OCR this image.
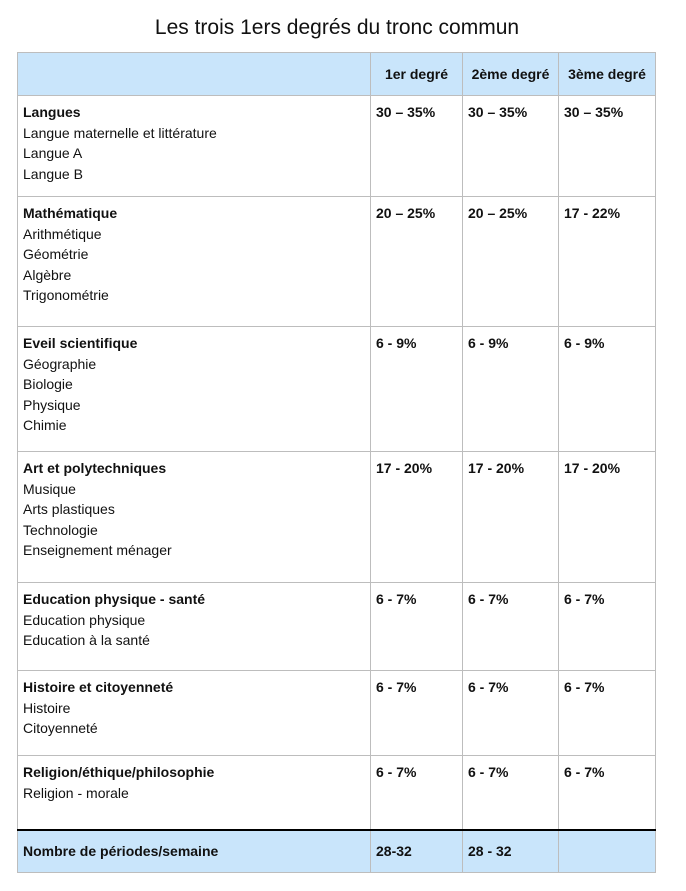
Les trois 1ers degrés du tronc commun
	1er degré	2ème degré	3ème degré

Langues
Langue maternelle et littérature
Langue A
Langue B	30 – 35%	30 – 35%	30 – 35%

Mathématique
Arithmétique
Géométrie
Algèbre
Trigonométrie	20 – 25%	20 – 25%	17 - 22%

Eveil scientifique
Géographie
Biologie
Physique
Chimie	6 - 9%	6 - 9%	6 - 9%

Art et polytechniques
Musique
Arts plastiques
Technologie
Enseignement ménager	17 - 20%	17 - 20%	17 - 20%

Education physique - santé
Education physique
Education à la santé	6 - 7%	6 - 7%	6 - 7%

Histoire et citoyenneté
Histoire
Citoyenneté	6 - 7%	6 - 7%	6 - 7%

Religion/éthique/philosophie
Religion - morale	6 - 7%	6 - 7%	6 - 7%
Nombre de périodes/semaine	28-32	28 - 32	
